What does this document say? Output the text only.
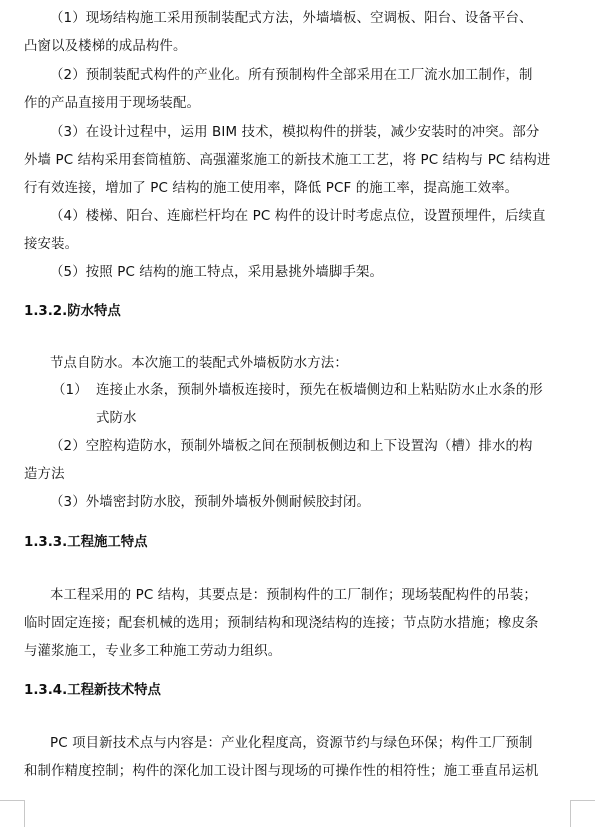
（1）现场结构施工采用预制装配式方法，外墙墙板、空调板、阳台、设备平台、
凸窗以及楼梯的成品构件。
（2）预制装配式构件的产业化。所有预制构件全部采用在工厂流水加工制作，制
作的产品直接用于现场装配。
（3）在设计过程中，运用 BIM 技术，模拟构件的拼装，减少安装时的冲突。部分
外墙 PC 结构采用套筒植筋、高强灌浆施工的新技术施工工艺，将 PC 结构与 PC 结构进
行有效连接，增加了 PC 结构的施工使用率，降低 PCF 的施工率，提高施工效率。
（4）楼梯、阳台、连廊栏杆均在 PC 构件的设计时考虑点位，设置预埋件，后续直
接安装。
（5）按照 PC 结构的施工特点，采用悬挑外墙脚手架。
1.3.2.防水特点
节点自防水。本次施工的装配式外墙板防水方法：
（1） 连接止水条，预制外墙板连接时，预先在板墙侧边和上粘贴防水止水条的形
式防水
（2）空腔构造防水，预制外墙板之间在预制板侧边和上下设置沟（槽）排水的构
造方法
（3）外墙密封防水胶，预制外墙板外侧耐候胶封闭。
1.3.3.工程施工特点
本工程采用的 PC 结构，其要点是：预制构件的工厂制作；现场装配构件的吊装；
临时固定连接；配套机械的选用；预制结构和现浇结构的连接；节点防水措施；橡皮条
与灌浆施工，专业多工种施工劳动力组织。
1.3.4.工程新技术特点
PC 项目新技术点与内容是：产业化程度高，资源节约与绿色环保；构件工厂预制
和制作精度控制；构件的深化加工设计图与现场的可操作性的相符性；施工垂直吊运机
